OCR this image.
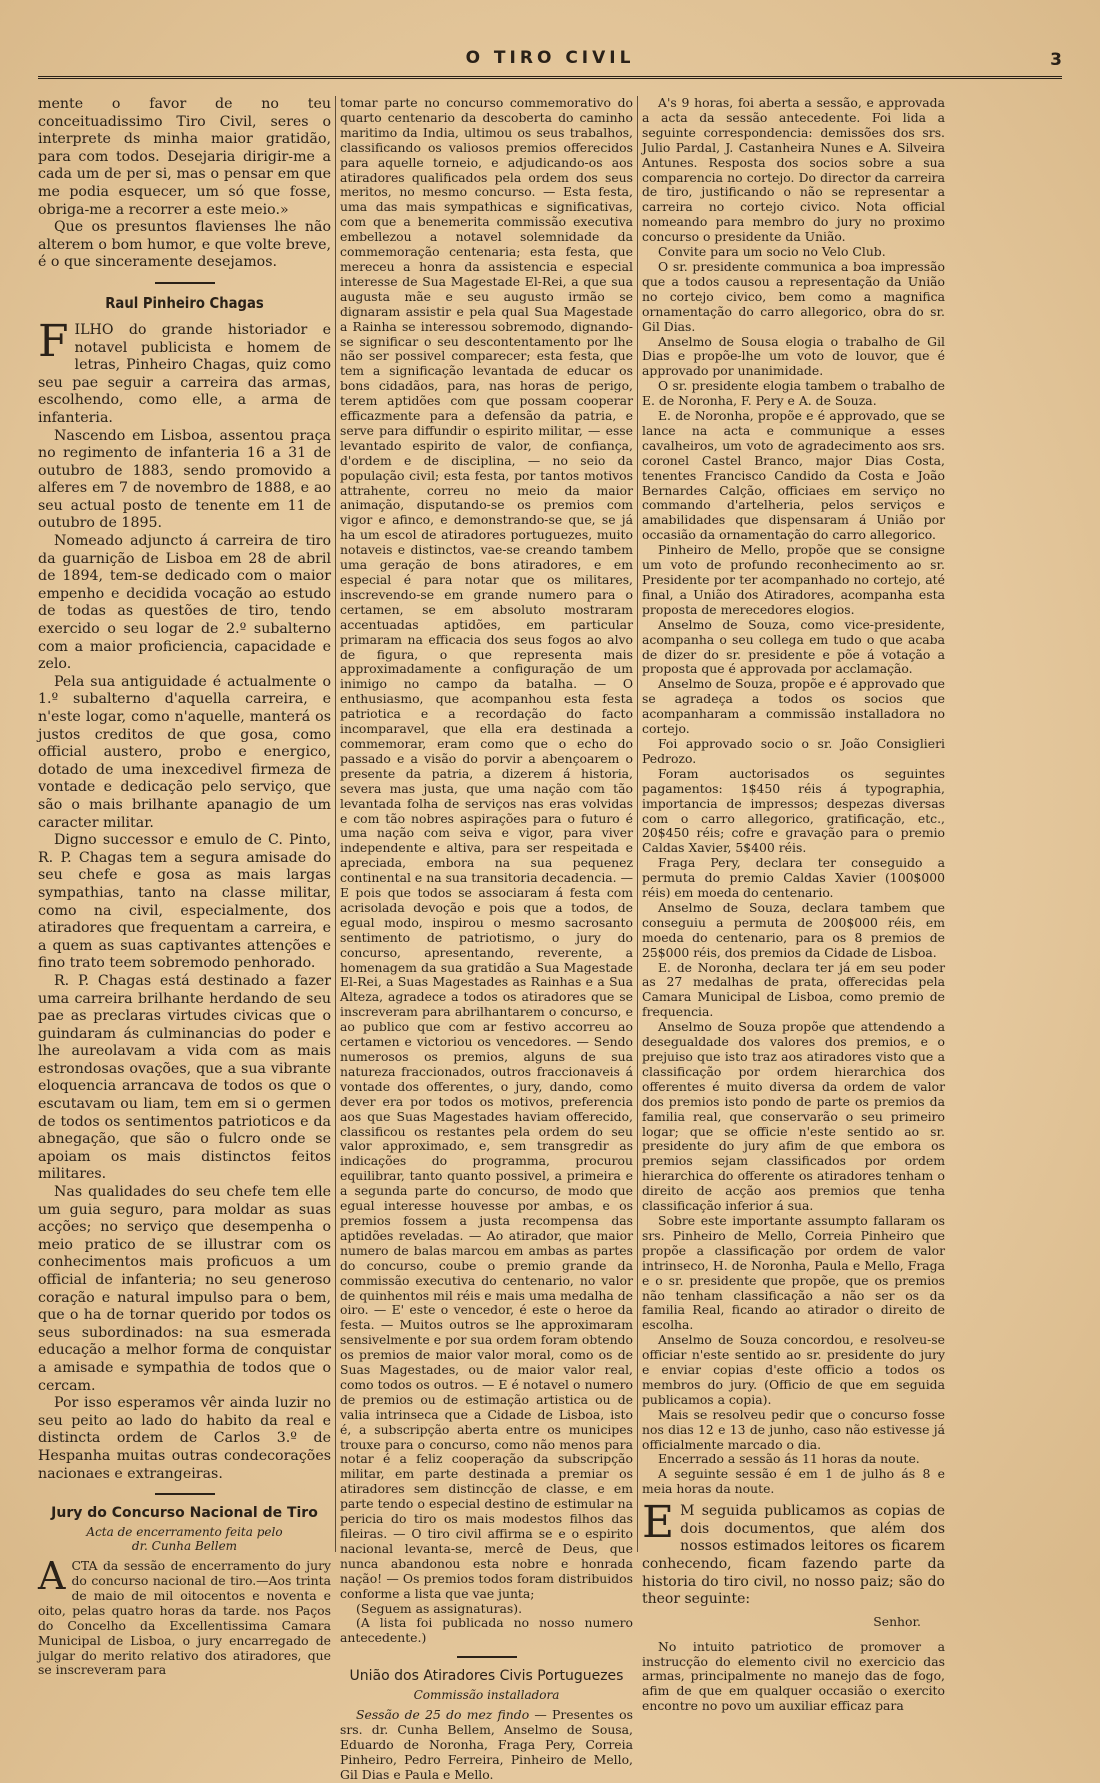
O TIRO CIVIL	3

mente o favor de no teu conceituadissimo Tiro Civil, seres o interprete ds minha maior gratidão, para com todos. Desejaria dirigir-me a cada um de per si, mas o pensar em que me podia esquecer, um só que fosse, obriga-me a recorrer a este meio.»

Que os presuntos flavienses lhe não alterem o bom humor, e que volte breve, é o que sinceramente desejamos.

Raul Pinheiro Chagas

FILHO do grande historiador e notavel publicista e homem de letras, Pinheiro Chagas, quiz como seu pae seguir a carreira das armas, escolhendo, como elle, a arma de infanteria.

Nascendo em Lisboa, assentou praça no regimento de infanteria 16 a 31 de outubro de 1883, sendo promovido a alferes em 7 de novembro de 1888, e ao seu actual posto de tenente em 11 de outubro de 1895.

Nomeado adjuncto á carreira de tiro da guarnição de Lisboa em 28 de abril de 1894, tem-se dedicado com o maior empenho e decidida vocação ao estudo de todas as questões de tiro, tendo exercido o seu logar de 2.º subalterno com a maior proficiencia, capacidade e zelo.

Pela sua antiguidade é actualmente o 1.º subalterno d'aquella carreira, e n'este logar, como n'aquelle, manterá os justos creditos de que gosa, como official austero, probo e energico, dotado de uma inexcedivel firmeza de vontade e dedicação pelo serviço, que são o mais brilhante apanagio de um caracter militar.

Digno successor e emulo de C. Pinto, R. P. Chagas tem a segura amisade do seu chefe e gosa as mais largas sympathias, tanto na classe militar, como na civil, especialmente, dos atiradores que frequentam a carreira, e a quem as suas captivantes attenções e fino trato teem sobremodo penhorado.

R. P. Chagas está destinado a fazer uma carreira brilhante herdando de seu pae as preclaras virtudes civicas que o guindaram ás culminancias do poder e lhe aureolavam a vida com as mais estrondosas ovações, que a sua vibrante eloquencia arrancava de todos os que o escutavam ou liam, tem em si o germen de todos os sentimentos patrioticos e da abnegação, que são o fulcro onde se apoiam os mais distinctos feitos militares.

Nas qualidades do seu chefe tem elle um guia seguro, para moldar as suas acções; no serviço que desempenha o meio pratico de se illustrar com os conhecimentos mais proficuos a um official de infanteria; no seu generoso coração e natural impulso para o bem, que o ha de tornar querido por todos os seus subordinados: na sua esmerada educação a melhor forma de conquistar a amisade e sympathia de todos que o cercam.

Por isso esperamos vêr ainda luzir no seu peito ao lado do habito da real e distincta ordem de Carlos 3.º de Hespanha muitas outras condecorações nacionaes e extrangeiras.

Jury do Concurso Nacional de Tiro
Acta de encerramento feita pelo
dr. Cunha Bellem

ACTA da sessão de encerramento do jury do concurso nacional de tiro.—Aos trinta de maio de mil oitocentos e noventa e oito, pelas quatro horas da tarde. nos Paços do Concelho da Excellentissima Camara Municipal de Lisboa, o jury encarregado de julgar do merito relativo dos atiradores, que se inscreveram para

tomar parte no concurso commemorativo do quarto centenario da descoberta do caminho maritimo da India, ultimou os seus trabalhos, classificando os valiosos premios offerecidos para aquelle torneio, e adjudicando-os aos atiradores qualificados pela ordem dos seus meritos, no mesmo concurso. — Esta festa, uma das mais sympathicas e significativas, com que a benemerita commissão executiva embellezou a notavel solemnidade da commemoração centenaria; esta festa, que mereceu a honra da assistencia e especial interesse de Sua Magestade El-Rei, a que sua augusta mãe e seu augusto irmão se dignaram assistir e pela qual Sua Magestade a Rainha se interessou sobremodo, dignando-se significar o seu descontentamento por lhe não ser possivel comparecer; esta festa, que tem a significação levantada de educar os bons cidadãos, para, nas horas de perigo, terem aptidões com que possam cooperar efficazmente para a defensão da patria, e serve para diffundir o espirito militar, — esse levantado espirito de valor, de confiança, d'ordem e de disciplina, — no seio da população civil; esta festa, por tantos motivos attrahente, correu no meio da maior animação, disputando-se os premios com vigor e afinco, e demonstrando-se que, se já ha um escol de atiradores portuguezes, muito notaveis e distinctos, vae-se creando tambem uma geração de bons atiradores, e em especial é para notar que os militares, inscrevendo-se em grande numero para o certamen, se em absoluto mostraram accentuadas aptidões, em particular primaram na efficacia dos seus fogos ao alvo de figura, o que representa mais approximadamente a configuração de um inimigo no campo da batalha. — O enthusiasmo, que acompanhou esta festa patriotica e a recordação do facto incomparavel, que ella era destinada a commemorar, eram como que o echo do passado e a visão do porvir a abençoarem o presente da patria, a dizerem á historia, severa mas justa, que uma nação com tão levantada folha de serviços nas eras volvidas e com tão nobres aspirações para o futuro é uma nação com seiva e vigor, para viver independente e altiva, para ser respeitada e apreciada, embora na sua pequenez continental e na sua transitoria decadencia. — E pois que todos se associaram á festa com acrisolada devoção e pois que a todos, de egual modo, inspirou o mesmo sacrosanto sentimento de patriotismo, o jury do concurso, apresentando, reverente, a homenagem da sua gratidão a Sua Magestade El-Rei, a Suas Magestades as Rainhas e a Sua Alteza, agradece a todos os atiradores que se inscreveram para abrilhantarem o concurso, e ao publico que com ar festivo accorreu ao certamen e victoriou os vencedores. — Sendo numerosos os premios, alguns de sua natureza fraccionados, outros fraccionaveis á vontade dos offerentes, o jury, dando, como dever era por todos os motivos, preferencia aos que Suas Magestades haviam offerecido, classificou os restantes pela ordem do seu valor approximado, e, sem transgredir as indicações do programma, procurou equilibrar, tanto quanto possivel, a primeira e a segunda parte do concurso, de modo que egual interesse houvesse por ambas, e os premios fossem a justa recompensa das aptidões reveladas. — Ao atirador, que maior numero de balas marcou em ambas as partes do concurso, coube o premio grande da commissão executiva do centenario, no valor de quinhentos mil réis e mais uma medalha de oiro. — E' este o vencedor, é este o heroe da festa. — Muitos outros se lhe approximaram sensivelmente e por sua ordem foram obtendo os premios de maior valor moral, como os de Suas Magestades, ou de maior valor real, como todos os outros. — E é notavel o numero de premios ou de estimação artistica ou de valia intrinseca que a Cidade de Lisboa, isto é, a subscripção aberta entre os municipes trouxe para o concurso, como não menos para notar é a feliz cooperação da subscripção militar, em parte destinada a premiar os atiradores sem distincção de classe, e em parte tendo o especial destino de estimular na pericia do tiro os mais modestos filhos das fileiras. — O tiro civil affirma se e o espirito nacional levanta-se, mercê de Deus, que nunca abandonou esta nobre e honrada nação! — Os premios todos foram distribuidos conforme a lista que vae junta;

(Seguem as assignaturas).

(A lista foi publicada no nosso numero antecedente.)

União dos Atiradores Civis Portuguezes
Commissão installadora

Sessão de 25 do mez findo — Presentes os srs. dr. Cunha Bellem, Anselmo de Sousa, Eduardo de Noronha, Fraga Pery, Correia Pinheiro, Pedro Ferreira, Pinheiro de Mello, Gil Dias e Paula e Mello.

A's 9 horas, foi aberta a sessão, e approvada a acta da sessão antecedente. Foi lida a seguinte correspondencia: demissões dos srs. Julio Pardal, J. Castanheira Nunes e A. Silveira Antunes. Resposta dos socios sobre a sua comparencia no cortejo. Do director da carreira de tiro, justificando o não se representar a carreira no cortejo civico. Nota official nomeando para membro do jury no proximo concurso o presidente da União.

Convite para um socio no Velo Club.

O sr. presidente communica a boa impressão que a todos causou a representação da União no cortejo civico, bem como a magnifica ornamentação do carro allegorico, obra do sr. Gil Dias.

Anselmo de Sousa elogia o trabalho de Gil Dias e propõe-lhe um voto de louvor, que é approvado por unanimidade.

O sr. presidente elogia tambem o trabalho de E. de Noronha, F. Pery e A. de Souza.

E. de Noronha, propõe e é approvado, que se lance na acta e communique a esses cavalheiros, um voto de agradecimento aos srs. coronel Castel Branco, major Dias Costa, tenentes Francisco Candido da Costa e João Bernardes Calção, officiaes em serviço no commando d'artelheria, pelos serviços e amabilidades que dispensaram á União por occasião da ornamentação do carro allegorico.

Pinheiro de Mello, propõe que se consigne um voto de profundo reconhecimento ao sr. Presidente por ter acompanhado no cortejo, até final, a União dos Atiradores, acompanha esta proposta de merecedores elogios.

Anselmo de Souza, como vice-presidente, acompanha o seu collega em tudo o que acaba de dizer do sr. presidente e põe á votação a proposta que é approvada por acclamação.

Anselmo de Souza, propõe e é approvado que se agradeça a todos os socios que acompanharam a commissão installadora no cortejo.

Foi approvado socio o sr. João Consiglieri Pedrozo.

Foram auctorisados os seguintes pagamentos: 1$450 réis á typographia, importancia de impressos; despezas diversas com o carro allegorico, gratificação, etc., 20$450 réis; cofre e gravação para o premio Caldas Xavier, 5$400 réis.

Fraga Pery, declara ter conseguido a permuta do premio Caldas Xavier (100$000 réis) em moeda do centenario.

Anselmo de Souza, declara tambem que conseguiu a permuta de 200$000 réis, em moeda do centenario, para os 8 premios de 25$000 réis, dos premios da Cidade de Lisboa.

E. de Noronha, declara ter já em seu poder as 27 medalhas de prata, offerecidas pela Camara Municipal de Lisboa, como premio de frequencia.

Anselmo de Souza propõe que attendendo a desegualdade dos valores dos premios, e o prejuiso que isto traz aos atiradores visto que a classificação por ordem hierarchica dos offerentes é muito diversa da ordem de valor dos premios isto pondo de parte os premios da familia real, que conservarão o seu primeiro logar; que se officie n'este sentido ao sr. presidente do jury afim de que embora os premios sejam classificados por ordem hierarchica do offerente os atiradores tenham o direito de acção aos premios que tenha classificação inferior á sua.

Sobre este importante assumpto fallaram os srs. Pinheiro de Mello, Correia Pinheiro que propõe a classificação por ordem de valor intrinseco, H. de Noronha, Paula e Mello, Fraga e o sr. presidente que propõe, que os premios não tenham classificação a não ser os da familia Real, ficando ao atirador o direito de escolha.

Anselmo de Souza concordou, e resolveu-se officiar n'este sentido ao sr. presidente do jury e enviar copias d'este officio a todos os membros do jury. (Officio de que em seguida publicamos a copia).

Mais se resolveu pedir que o concurso fosse nos dias 12 e 13 de junho, caso não estivesse já officialmente marcado o dia.

Encerrado a sessão ás 11 horas da noute.

A seguinte sessão é em 1 de julho ás 8 e meia horas da noute.

E M seguida publicamos as copias de dois documentos, que além dos nossos estimados leitores os ficarem conhecendo, ficam fazendo parte da historia do tiro civil, no nosso paiz; são do theor seguinte:

Senhor.

No intuito patriotico de promover a instrucção do elemento civil no exercicio das armas, principalmente no manejo das de fogo, afim de que em qualquer occasião o exercito encontre no povo um auxiliar efficaz para
